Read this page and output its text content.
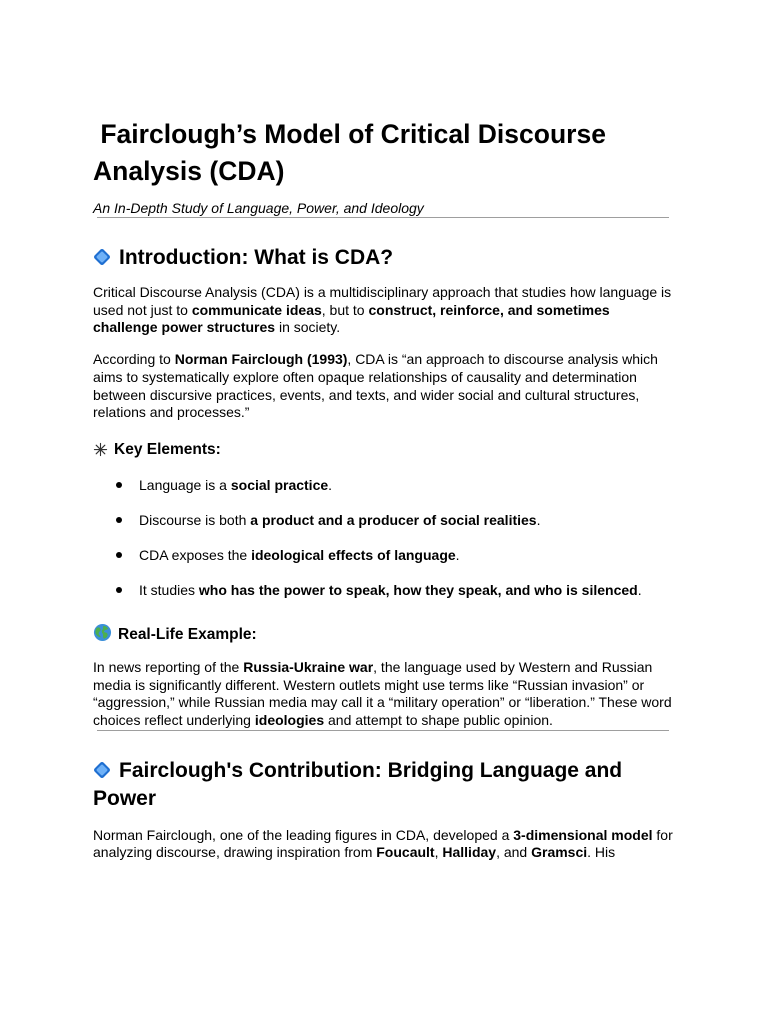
Fairclough’s Model of Critical Discourse Analysis (CDA)
An In-Depth Study of Language, Power, and Ideology
Introduction: What is CDA?

Critical Discourse Analysis (CDA) is a multidisciplinary approach that studies how language is used not just to communicate ideas, but to construct, reinforce, and sometimes challenge power structures in society.

According to Norman Fairclough (1993), CDA is “an approach to discourse analysis which aims to systematically explore often opaque relationships of causality and determination between discursive practices, events, and texts, and wider social and cultural structures, relations and processes.”

Key Elements:
Language is a social practice.
Discourse is both a product and a producer of social realities.
CDA exposes the ideological effects of language.
It studies who has the power to speak, how they speak, and who is silenced.
Real-Life Example:

In news reporting of the Russia-Ukraine war, the language used by Western and Russian media is significantly different. Western outlets might use terms like “Russian invasion” or “aggression,” while Russian media may call it a “military operation” or “liberation.” These word choices reflect underlying ideologies and attempt to shape public opinion.

Fairclough's Contribution: Bridging Language and Power

Norman Fairclough, one of the leading figures in CDA, developed a 3-dimensional model for analyzing discourse, drawing inspiration from Foucault, Halliday, and Gramsci. His
